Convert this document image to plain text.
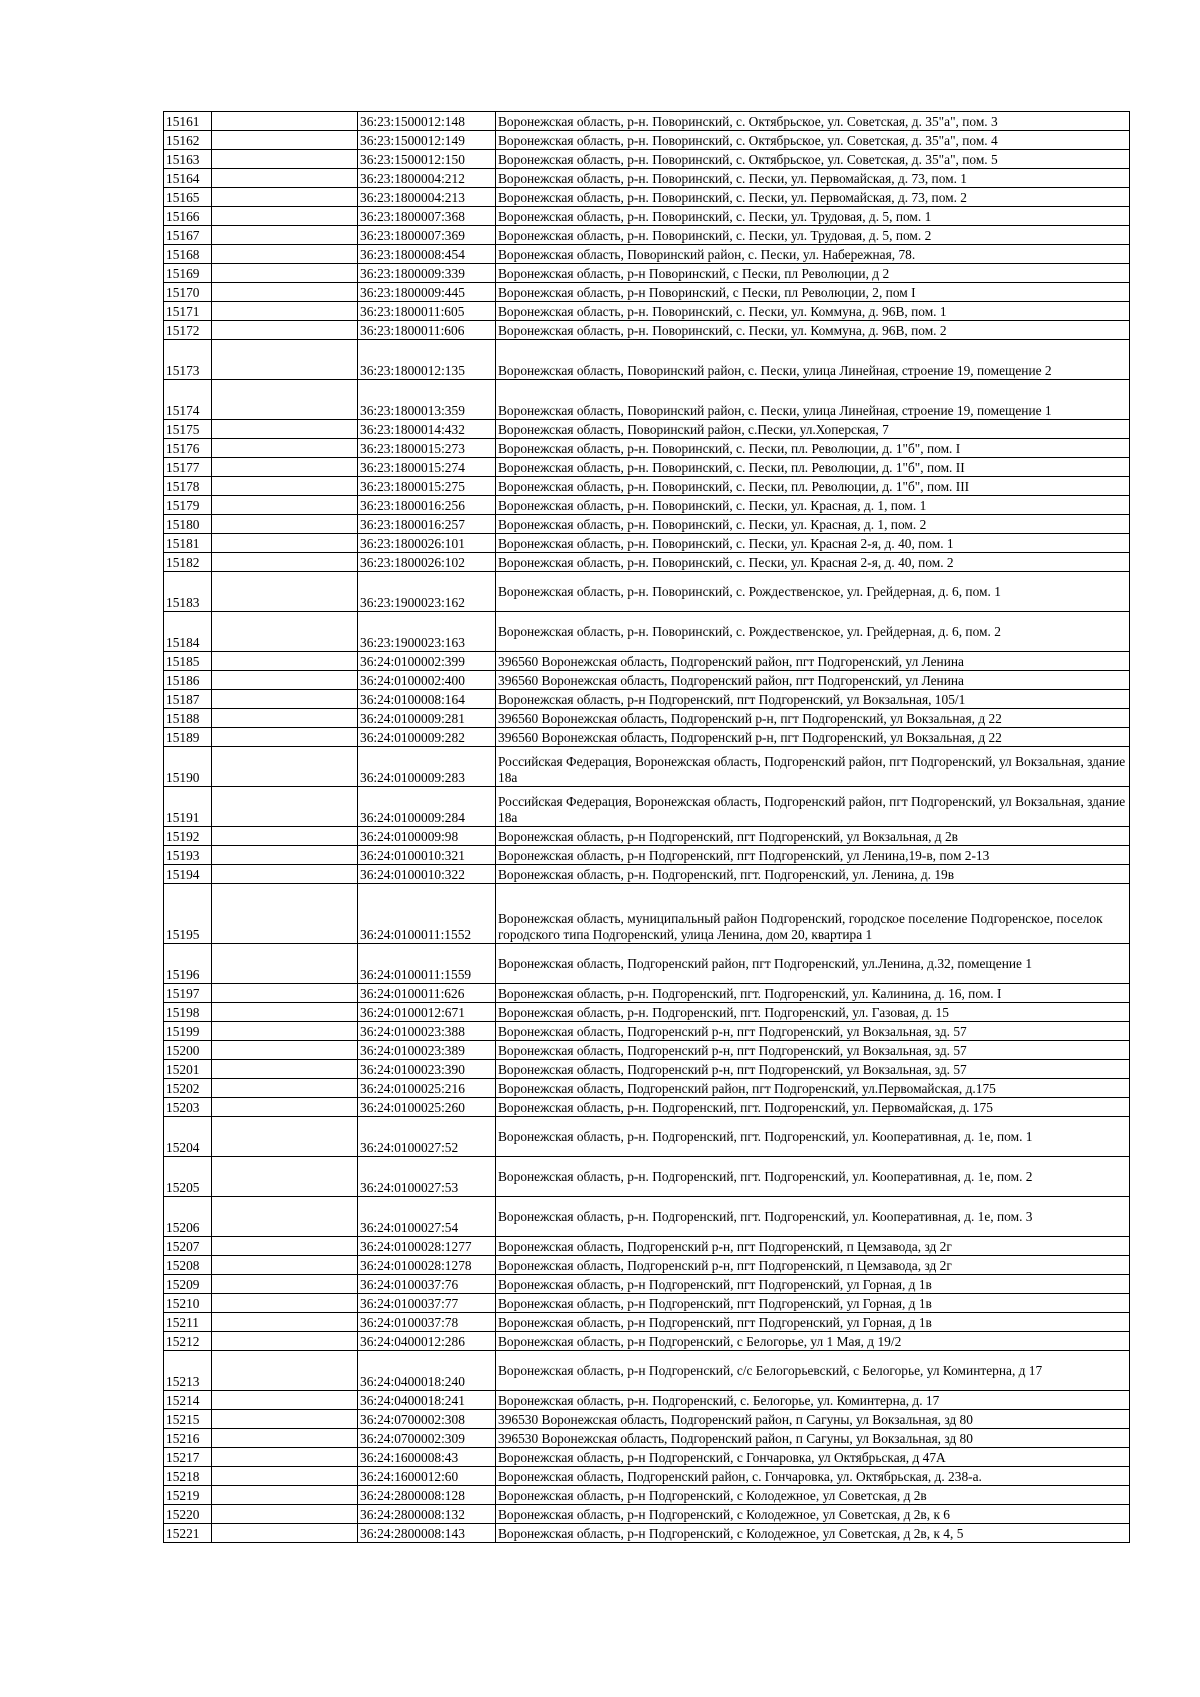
15161		36:23:1500012:148	Воронежская область, р-н. Поворинский, с. Октябрьское, ул. Советская, д. 35"а", пом. 3
15162		36:23:1500012:149	Воронежская область, р-н. Поворинский, с. Октябрьское, ул. Советская, д. 35"а", пом. 4
15163		36:23:1500012:150	Воронежская область, р-н. Поворинский, с. Октябрьское, ул. Советская, д. 35"а", пом. 5
15164		36:23:1800004:212	Воронежская область, р-н. Поворинский, с. Пески, ул. Первомайская, д. 73, пом. 1
15165		36:23:1800004:213	Воронежская область, р-н. Поворинский, с. Пески, ул. Первомайская, д. 73, пом. 2
15166		36:23:1800007:368	Воронежская область, р-н. Поворинский, с. Пески, ул. Трудовая, д. 5, пом. 1
15167		36:23:1800007:369	Воронежская область, р-н. Поворинский, с. Пески, ул. Трудовая, д. 5, пом. 2
15168		36:23:1800008:454	Воронежская область, Поворинский район, с. Пески, ул. Набережная, 78.
15169		36:23:1800009:339	Воронежская область, р-н Поворинский, с Пески, пл Революции, д 2
15170		36:23:1800009:445	Воронежская область, р-н Поворинский, с Пески, пл Революции, 2, пом I
15171		36:23:1800011:605	Воронежская область, р-н. Поворинский, с. Пески, ул. Коммуна, д. 96В, пом. 1
15172		36:23:1800011:606	Воронежская область, р-н. Поворинский, с. Пески, ул. Коммуна, д. 96В, пом. 2
15173		36:23:1800012:135	Воронежская область, Поворинский район, с. Пески, улица Линейная, строение 19, помещение 2
15174		36:23:1800013:359	Воронежская область, Поворинский район, с. Пески, улица Линейная, строение 19, помещение 1
15175		36:23:1800014:432	Воронежская область, Поворинский район, с.Пески, ул.Хоперская, 7
15176		36:23:1800015:273	Воронежская область, р-н. Поворинский, с. Пески, пл. Революции, д. 1"б", пом. I
15177		36:23:1800015:274	Воронежская область, р-н. Поворинский, с. Пески, пл. Революции, д. 1"б", пом. II
15178		36:23:1800015:275	Воронежская область, р-н. Поворинский, с. Пески, пл. Революции, д. 1"б", пом. III
15179		36:23:1800016:256	Воронежская область, р-н. Поворинский, с. Пески, ул. Красная, д. 1, пом. 1
15180		36:23:1800016:257	Воронежская область, р-н. Поворинский, с. Пески, ул. Красная, д. 1, пом. 2
15181		36:23:1800026:101	Воронежская область, р-н. Поворинский, с. Пески, ул. Красная 2-я, д. 40, пом. 1
15182		36:23:1800026:102	Воронежская область, р-н. Поворинский, с. Пески, ул. Красная 2-я, д. 40, пом. 2
15183		36:23:1900023:162	Воронежская область, р-н. Поворинский, с. Рождественское, ул. Грейдерная, д. 6, пом. 1
15184		36:23:1900023:163	Воронежская область, р-н. Поворинский, с. Рождественское, ул. Грейдерная, д. 6, пом. 2
15185		36:24:0100002:399	396560 Воронежская область, Подгоренский район, пгт Подгоренский, ул Ленина
15186		36:24:0100002:400	396560 Воронежская область, Подгоренский район, пгт Подгоренский, ул Ленина
15187		36:24:0100008:164	Воронежская область, р-н Подгоренский, пгт Подгоренский, ул Вокзальная, 105/1
15188		36:24:0100009:281	396560 Воронежская область, Подгоренский р-н, пгт Подгоренский, ул Вокзальная, д 22
15189		36:24:0100009:282	396560 Воронежская область, Подгоренский р-н, пгт Подгоренский, ул Вокзальная, д 22
15190		36:24:0100009:283	Российская Федерация, Воронежская область, Подгоренский район, пгт Подгоренский, ул Вокзальная, здание 18а
15191		36:24:0100009:284	Российская Федерация, Воронежская область, Подгоренский район, пгт Подгоренский, ул Вокзальная, здание 18а
15192		36:24:0100009:98	Воронежская область, р-н Подгоренский, пгт Подгоренский, ул Вокзальная, д 2в
15193		36:24:0100010:321	Воронежская область, р-н Подгоренский, пгт Подгоренский, ул Ленина,19-в, пом 2-13
15194		36:24:0100010:322	Воронежская область, р-н. Подгоренский, пгт. Подгоренский, ул. Ленина, д. 19в
15195		36:24:0100011:1552	Воронежская область, муниципальный район Подгоренский, городское поселение Подгоренское, поселок городского типа Подгоренский, улица Ленина, дом 20, квартира 1
15196		36:24:0100011:1559	Воронежская область, Подгоренский район, пгт Подгоренский, ул.Ленина, д.32, помещение 1
15197		36:24:0100011:626	Воронежская область, р-н. Подгоренский, пгт. Подгоренский, ул. Калинина, д. 16, пом. I
15198		36:24:0100012:671	Воронежская область, р-н. Подгоренский, пгт. Подгоренский, ул. Газовая, д. 15
15199		36:24:0100023:388	Воронежская область, Подгоренский р-н, пгт Подгоренский, ул Вокзальная, зд. 57
15200		36:24:0100023:389	Воронежская область, Подгоренский р-н, пгт Подгоренский, ул Вокзальная, зд. 57
15201		36:24:0100023:390	Воронежская область, Подгоренский р-н, пгт Подгоренский, ул Вокзальная, зд. 57
15202		36:24:0100025:216	Воронежская область, Подгоренский район, пгт Подгоренский, ул.Первомайская, д.175
15203		36:24:0100025:260	Воронежская область, р-н. Подгоренский, пгт. Подгоренский, ул. Первомайская, д. 175
15204		36:24:0100027:52	Воронежская область, р-н. Подгоренский, пгт. Подгоренский, ул. Кооперативная, д. 1е, пом. 1
15205		36:24:0100027:53	Воронежская область, р-н. Подгоренский, пгт. Подгоренский, ул. Кооперативная, д. 1е, пом. 2
15206		36:24:0100027:54	Воронежская область, р-н. Подгоренский, пгт. Подгоренский, ул. Кооперативная, д. 1е, пом. 3
15207		36:24:0100028:1277	Воронежская область, Подгоренский р-н, пгт Подгоренский, п Цемзавода, зд 2г
15208		36:24:0100028:1278	Воронежская область, Подгоренский р-н, пгт Подгоренский, п Цемзавода, зд 2г
15209		36:24:0100037:76	Воронежская область, р-н Подгоренский, пгт Подгоренский, ул Горная, д 1в
15210		36:24:0100037:77	Воронежская область, р-н Подгоренский, пгт Подгоренский, ул Горная, д 1в
15211		36:24:0100037:78	Воронежская область, р-н Подгоренский, пгт Подгоренский, ул Горная, д 1в
15212		36:24:0400012:286	Воронежская область, р-н Подгоренский, с Белогорье, ул 1 Мая, д 19/2
15213		36:24:0400018:240	Воронежская область, р-н Подгоренский, с/с Белогорьевский, с Белогорье, ул Коминтерна, д 17
15214		36:24:0400018:241	Воронежская область, р-н. Подгоренский, с. Белогорье, ул. Коминтерна, д. 17
15215		36:24:0700002:308	396530 Воронежская область, Подгоренский район, п Сагуны, ул Вокзальная, зд 80
15216		36:24:0700002:309	396530 Воронежская область, Подгоренский район, п Сагуны, ул Вокзальная, зд 80
15217		36:24:1600008:43	Воронежская область, р-н Подгоренский, с Гончаровка, ул Октябрьская, д 47А
15218		36:24:1600012:60	Воронежская область, Подгоренский район, с. Гончаровка, ул. Октябрьская, д. 238-а.
15219		36:24:2800008:128	Воронежская область, р-н Подгоренский, с Колодежное, ул Советская, д 2в
15220		36:24:2800008:132	Воронежская область, р-н Подгоренский, с Колодежное, ул Советская, д 2в, к 6
15221		36:24:2800008:143	Воронежская область, р-н Подгоренский, с Колодежное, ул Советская, д 2в, к 4, 5
